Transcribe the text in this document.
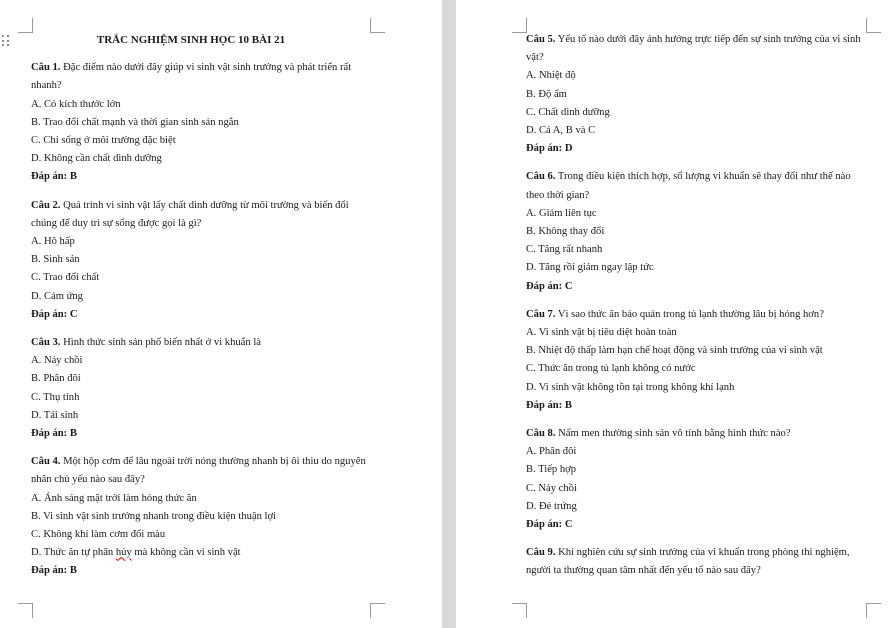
TRẮC NGHIỆM SINH HỌC 10 BÀI 21

Câu 1. Đặc điểm nào dưới đây giúp vi sinh vật sinh trưởng và phát triển rất nhanh?

A. Có kích thước lớn

B. Trao đổi chất mạnh và thời gian sinh sản ngắn

C. Chỉ sống ở môi trường đặc biệt

D. Không cần chất dinh dưỡng

Đáp án: B

Câu 2. Quá trình vi sinh vật lấy chất dinh dưỡng từ môi trường và biến đổi chúng để duy trì sự sống được gọi là gì?

A. Hô hấp

B. Sinh sản

C. Trao đổi chất

D. Cảm ứng

Đáp án: C

Câu 3. Hình thức sinh sản phổ biến nhất ở vi khuẩn là

A. Nảy chồi

B. Phân đôi

C. Thụ tinh

D. Tái sinh

Đáp án: B

Câu 4. Một hộp cơm để lâu ngoài trời nóng thường nhanh bị ôi thiu do nguyên nhân chủ yếu nào sau đây?

A. Ánh sáng mặt trời làm hỏng thức ăn

B. Vi sinh vật sinh trưởng nhanh trong điều kiện thuận lợi

C. Không khí làm cơm đổi màu

D. Thức ăn tự phân hủy mà không cần vi sinh vật

Đáp án: B

Câu 5. Yếu tố nào dưới đây ảnh hưởng trực tiếp đến sự sinh trưởng của vi sinh vật?

A. Nhiệt độ

B. Độ ẩm

C. Chất dinh dưỡng

D. Cả A, B và C

Đáp án: D

Câu 6. Trong điều kiện thích hợp, số lượng vi khuẩn sẽ thay đổi như thế nào theo thời gian?

A. Giảm liên tục

B. Không thay đổi

C. Tăng rất nhanh

D. Tăng rồi giảm ngay lập tức

Đáp án: C

Câu 7. Vì sao thức ăn bảo quản trong tủ lạnh thường lâu bị hỏng hơn?

A. Vi sinh vật bị tiêu diệt hoàn toàn

B. Nhiệt độ thấp làm hạn chế hoạt động và sinh trưởng của vi sinh vật

C. Thức ăn trong tủ lạnh không có nước

D. Vi sinh vật không tồn tại trong không khí lạnh

Đáp án: B

Câu 8. Nấm men thường sinh sản vô tính bằng hình thức nào?

A. Phân đôi

B. Tiếp hợp

C. Nảy chồi

D. Đẻ trứng

Đáp án: C

Câu 9. Khi nghiên cứu sự sinh trưởng của vi khuẩn trong phòng thí nghiệm, người ta thường quan tâm nhất đến yếu tố nào sau đây?
